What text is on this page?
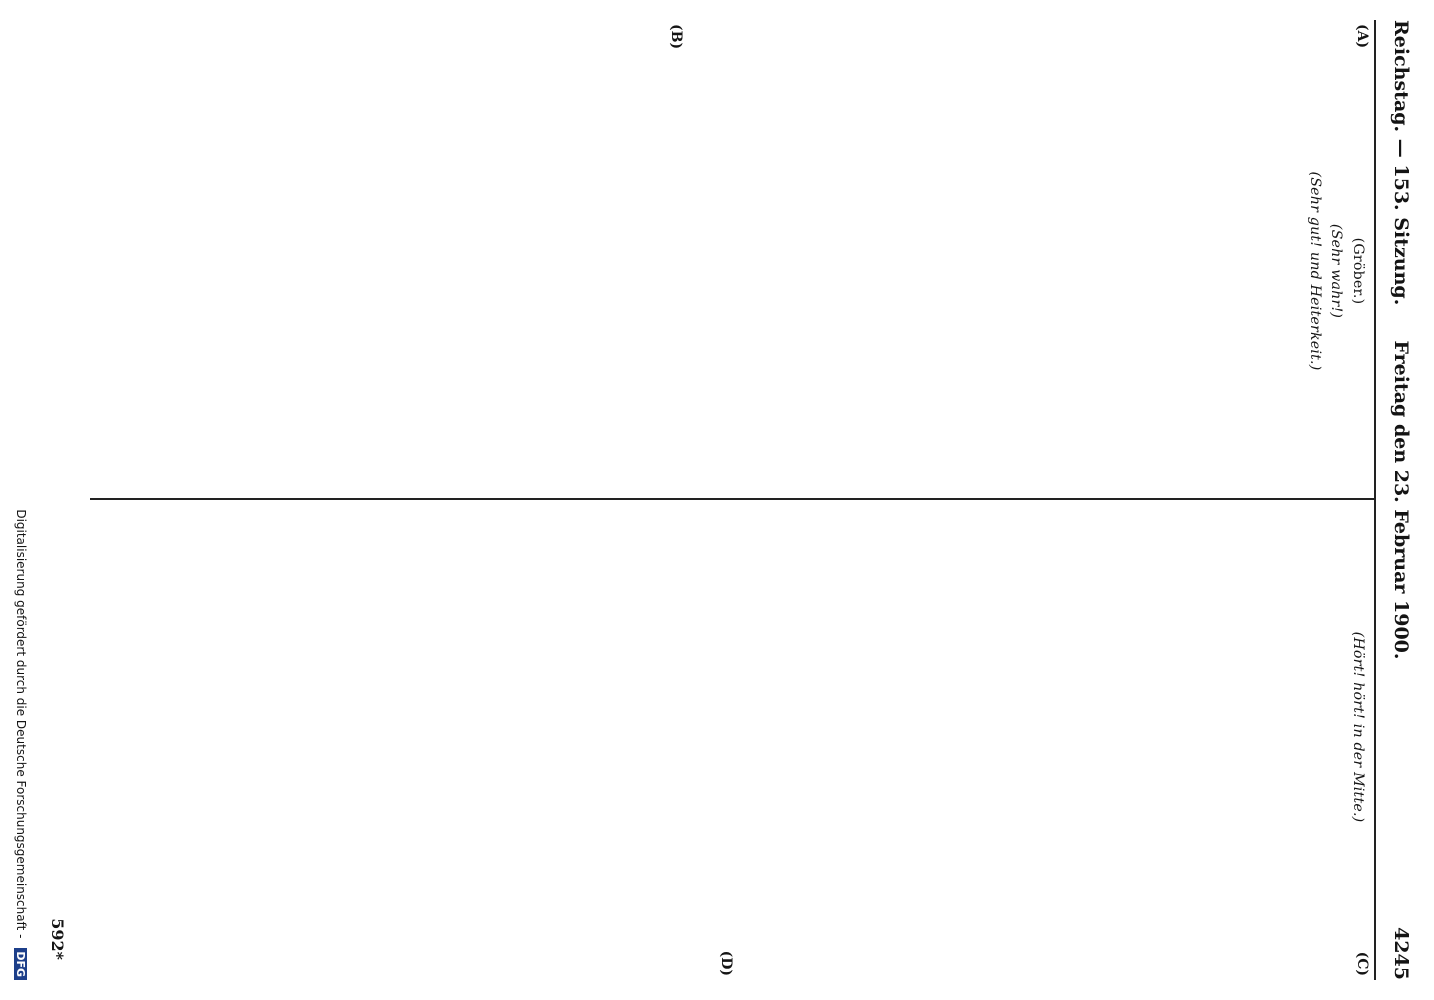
Reichstag. — 153. Sitzung.
Freitag den 23. Februar 1900.
4245
(A)
(B)
(C)
(D)

(Gröber.)

(Sehr wahr!)

(Sehr gut! und Heiterkeit.)

(Hört! hört! in der Mitte.)

592*
Digitalisierung gefördert durch die Deutsche Forschungsgemeinschaft - DFG
